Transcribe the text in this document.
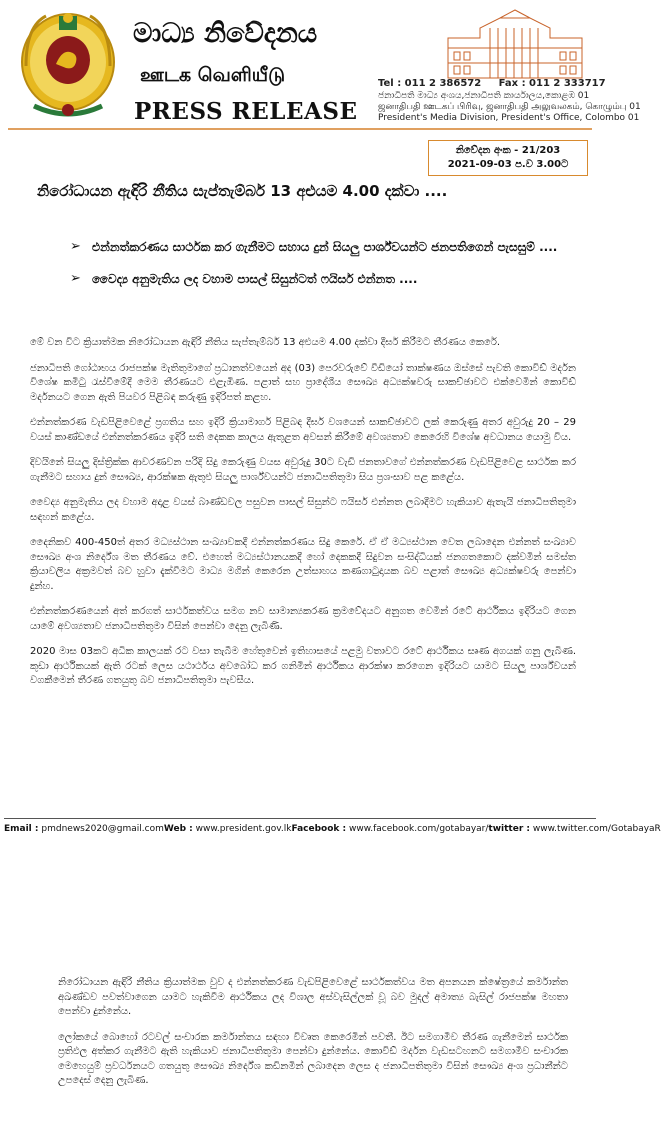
මාධ්‍ය නිවේදනය
ஊடக வெளியீடு
PRESS RELEASE
Tel : 011 2 386572 Fax : 011 2 333717
ජනාධිපති මාධ්‍ය අංශය,ජනාධිපති කාර්යාලය,කොළඹ 01
ஜனாதிபதி ஊடகப் பிரிவு, ஜனாதிபதி அலுவலகம், கொழும்பு 01
President's Media Division, President's Office, Colombo 01
නිවේදන අංක - 21/203
2021-09-03 ප.ව 3.00ට
නිරෝධායන ඇඳිරි නීතිය සැප්තැම්බර් 13 අළුයම 4.00 දක්වා ....
➢ එන්නත්කරණය සාර්ථක කර ගැනීමට සහාය දුන් සියලු පාර්ශ්වයන්ට ජනපතිගෙන් පැසසුම් ....
➢ වෛද්‍ය අනුමැතිය ලද වහාම පාසල් සිසුන්ටත් ෆයිසර් එන්නත ....

මේ වන විට ක්‍රියාත්මක නිරෝධායන ඇඳිරි නීතිය සැප්තැම්බර් 13 අළුයම 4.00 දක්වා දීර්ඝ කිරීමට තීරණය කෙරේ.

ජනාධිපති ගෝඨාභය රාජපක්ෂ මැතිතුමාගේ ප්‍රධානත්වයෙන් අද (03) පෙරවරුවේ වීඩියෝ තාක්ෂණය ඔස්සේ පැවති කොවිඩ් මර්දන විශේෂ කමිටු රැස්වීමේදී මෙම තීරණයට එළැඹිණ. පළාත් සහ ප්‍රාදේශීය සෞඛ්‍ය අධ්‍යක්ෂවරු සාකච්ඡාවට එක්වෙමින් කොවිඩ් මර්දනයට ගෙන ඇති පියවර පිළිබඳ කරුණු ඉදිරිපත් කළහ.

එන්නත්කරණ වැඩපිළිවෙළේ ප්‍රගතිය සහ ඉදිරි ක්‍රියාමාර්ග පිළිබඳ දීර්ඝ වශයෙන් සාකච්ඡාවට ලක් කෙරුණු අතර අවුරුදු 20 – 29 වයස් කාණ්ඩයේ එන්නත්කරණය ඉදිරි සති දෙකක කාලය ඇතුළත අවසන් කිරීමේ අවශ්‍යතාව කෙරෙහි විශේෂ අවධානය යොමු විය.

දිවයිනේ සියලු දිස්ත්‍රික්ක ආවරණවන පරිදි සිදු කෙරුණු වයස අවුරුදු 30ට වැඩි ජනතාවගේ එන්නත්කරණ වැඩපිළිවෙළ සාර්ථක කර ගැනීමට සහාය දුන් සෞඛ්‍ය, ආරක්ෂක ඇතුළු සියලු පාර්ශ්වයන්ට ජනාධිපතිතුමා සිය ප්‍රශංසාව පළ කළේය.

වෛද්‍ය අනුමැතිය ලද වහාම අදාළ වයස් බාණ්ඩවල පසුවන පාසල් සිසුන්ට ෆයිසර් එන්නත ලබාදීමට හැකියාව ඇතැයි ජනාධිපතිතුමා සඳහන් කළේය.

දෛනිකව 400-450ත් අතර මධ්‍යස්ථාන සංඛ්‍යාවකදී එන්නත්කරණය සිදු කෙරේ. ඒ ඒ මධ්‍යස්ථාන වෙත ලබාදෙන එන්නත් සංඛ්‍යාව සෞඛ්‍ය අංශ නිර්දේශ මත තීරණය වේ. එහෙත් මධ්‍යස්ථානයකදී හෝ දෙකකදී සිදුවන සංසිද්ධියක් ජනගතකොට දක්වමින් සමස්ත ක්‍රියාවලිය අක්‍රමවත් බව හුවා දැක්වීමට මාධ්‍ය මගින් කෙරෙන උත්සාහය කණගාටුදායක බව පළාත් සෞඛ්‍ය අධ්‍යක්ෂවරු පෙන්වා දුන්හ.

එන්නත්කරණයෙන් අත් කරගත් සාර්ථකත්වය සමග නව සාමාන්‍යකරණ ක්‍රමවේදයට අනුගත වෙමින් රටේ ආර්ථිකය ඉදිරියට ගෙන යාමේ අවශ්‍යතාව ජනාධිපතිතුමා විසින් පෙන්වා දෙනු ලැබිණි.

2020 මාස 03කට අධික කාලයක් රට වසා තැබීම හේතුවෙන් ඉතිහාසයේ පළමු වතාවට රටේ ආර්ථිකය සෘණ අගයක් ගනු ලැබිණ. කුඩා ආර්ථිකයක් ඇති රටක් ලෙස යථාර්ථය අවබෝධ කර ගනිමින් ආර්ථිකය ආරක්ෂා කරගෙන ඉදිරියට යාමට සියලු පාර්ශ්වයන් වගකීමෙන් තීරණ ගතයුතු බව ජනාධිපතිතුමා පැවසීය.

Email : pmdnews2020@gmail.com Web : www.president.gov.lk Facebook : www.facebook.com/gotabayar/ twitter : www.twitter.com/GotabayaR

නිරෝධායන ඇඳිරි නීතිය ක්‍රියාත්මක වුව ද එන්නත්කරණ වැඩපිළිවෙළේ සාර්ථකත්වය මත අපනයන ක්ෂේත්‍රයේ කර්මාන්ත අඛණ්ඩව පවත්වාගෙන යාමට හැකිවීම ආර්ථිකය ලද විශාල අස්වැසිල්ලක් වූ බව මුදල් අමාත්‍ය බැසිල් රාජපක්ෂ මහතා පෙන්වා දුන්නේය.

ලෝකයේ බොහෝ රටවල් සංචාරක කර්මාන්තය සඳහා විවෘත කෙරෙමින් පවතී. ඊට සමගාමීව තීරණ ගැනීමෙන් සාර්ථක ප්‍රතිඵල අත්කර ගැනීමට ඇති හැකියාව ජනාධිපතිතුමා පෙන්වා දුන්නේය. කොවිඩ් මර්දන වැඩසටහනට සමගාමීව සංචාරක මෙහෙයුම් ප්‍රවර්ධනයට ගතයුතු සෞඛ්‍ය නිර්දේශ කඩිනමින් ලබාදෙන ලෙස ද ජනාධිපතිතුමා විසින් සෞඛ්‍ය අංශ ප්‍රධානීන්ට උපදෙස් දෙනු ලැබිණ.
